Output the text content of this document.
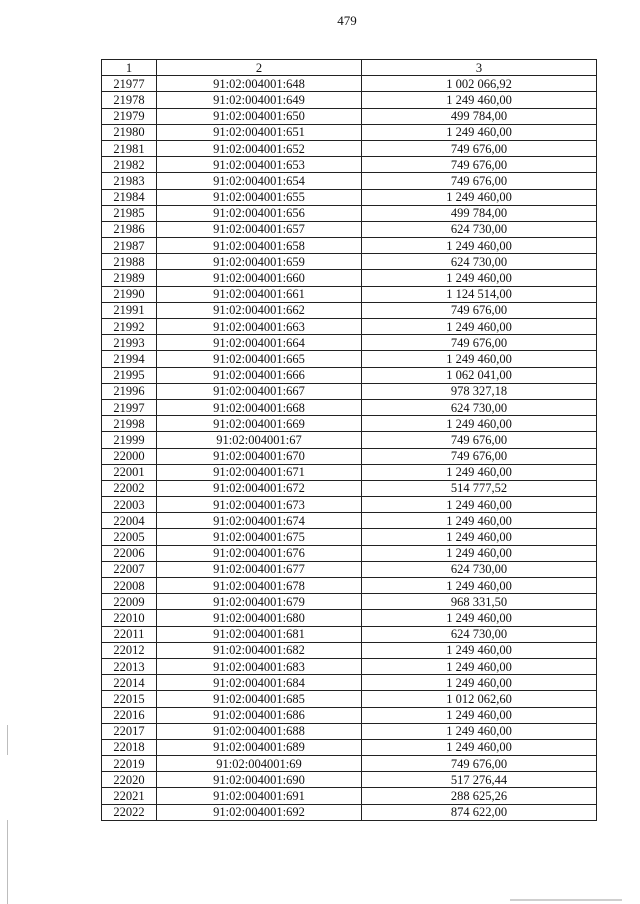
479
1	2	3
21977	91:02:004001:648	1 002 066,92
21978	91:02:004001:649	1 249 460,00
21979	91:02:004001:650	499 784,00
21980	91:02:004001:651	1 249 460,00
21981	91:02:004001:652	749 676,00
21982	91:02:004001:653	749 676,00
21983	91:02:004001:654	749 676,00
21984	91:02:004001:655	1 249 460,00
21985	91:02:004001:656	499 784,00
21986	91:02:004001:657	624 730,00
21987	91:02:004001:658	1 249 460,00
21988	91:02:004001:659	624 730,00
21989	91:02:004001:660	1 249 460,00
21990	91:02:004001:661	1 124 514,00
21991	91:02:004001:662	749 676,00
21992	91:02:004001:663	1 249 460,00
21993	91:02:004001:664	749 676,00
21994	91:02:004001:665	1 249 460,00
21995	91:02:004001:666	1 062 041,00
21996	91:02:004001:667	978 327,18
21997	91:02:004001:668	624 730,00
21998	91:02:004001:669	1 249 460,00
21999	91:02:004001:67	749 676,00
22000	91:02:004001:670	749 676,00
22001	91:02:004001:671	1 249 460,00
22002	91:02:004001:672	514 777,52
22003	91:02:004001:673	1 249 460,00
22004	91:02:004001:674	1 249 460,00
22005	91:02:004001:675	1 249 460,00
22006	91:02:004001:676	1 249 460,00
22007	91:02:004001:677	624 730,00
22008	91:02:004001:678	1 249 460,00
22009	91:02:004001:679	968 331,50
22010	91:02:004001:680	1 249 460,00
22011	91:02:004001:681	624 730,00
22012	91:02:004001:682	1 249 460,00
22013	91:02:004001:683	1 249 460,00
22014	91:02:004001:684	1 249 460,00
22015	91:02:004001:685	1 012 062,60
22016	91:02:004001:686	1 249 460,00
22017	91:02:004001:688	1 249 460,00
22018	91:02:004001:689	1 249 460,00
22019	91:02:004001:69	749 676,00
22020	91:02:004001:690	517 276,44
22021	91:02:004001:691	288 625,26
22022	91:02:004001:692	874 622,00
